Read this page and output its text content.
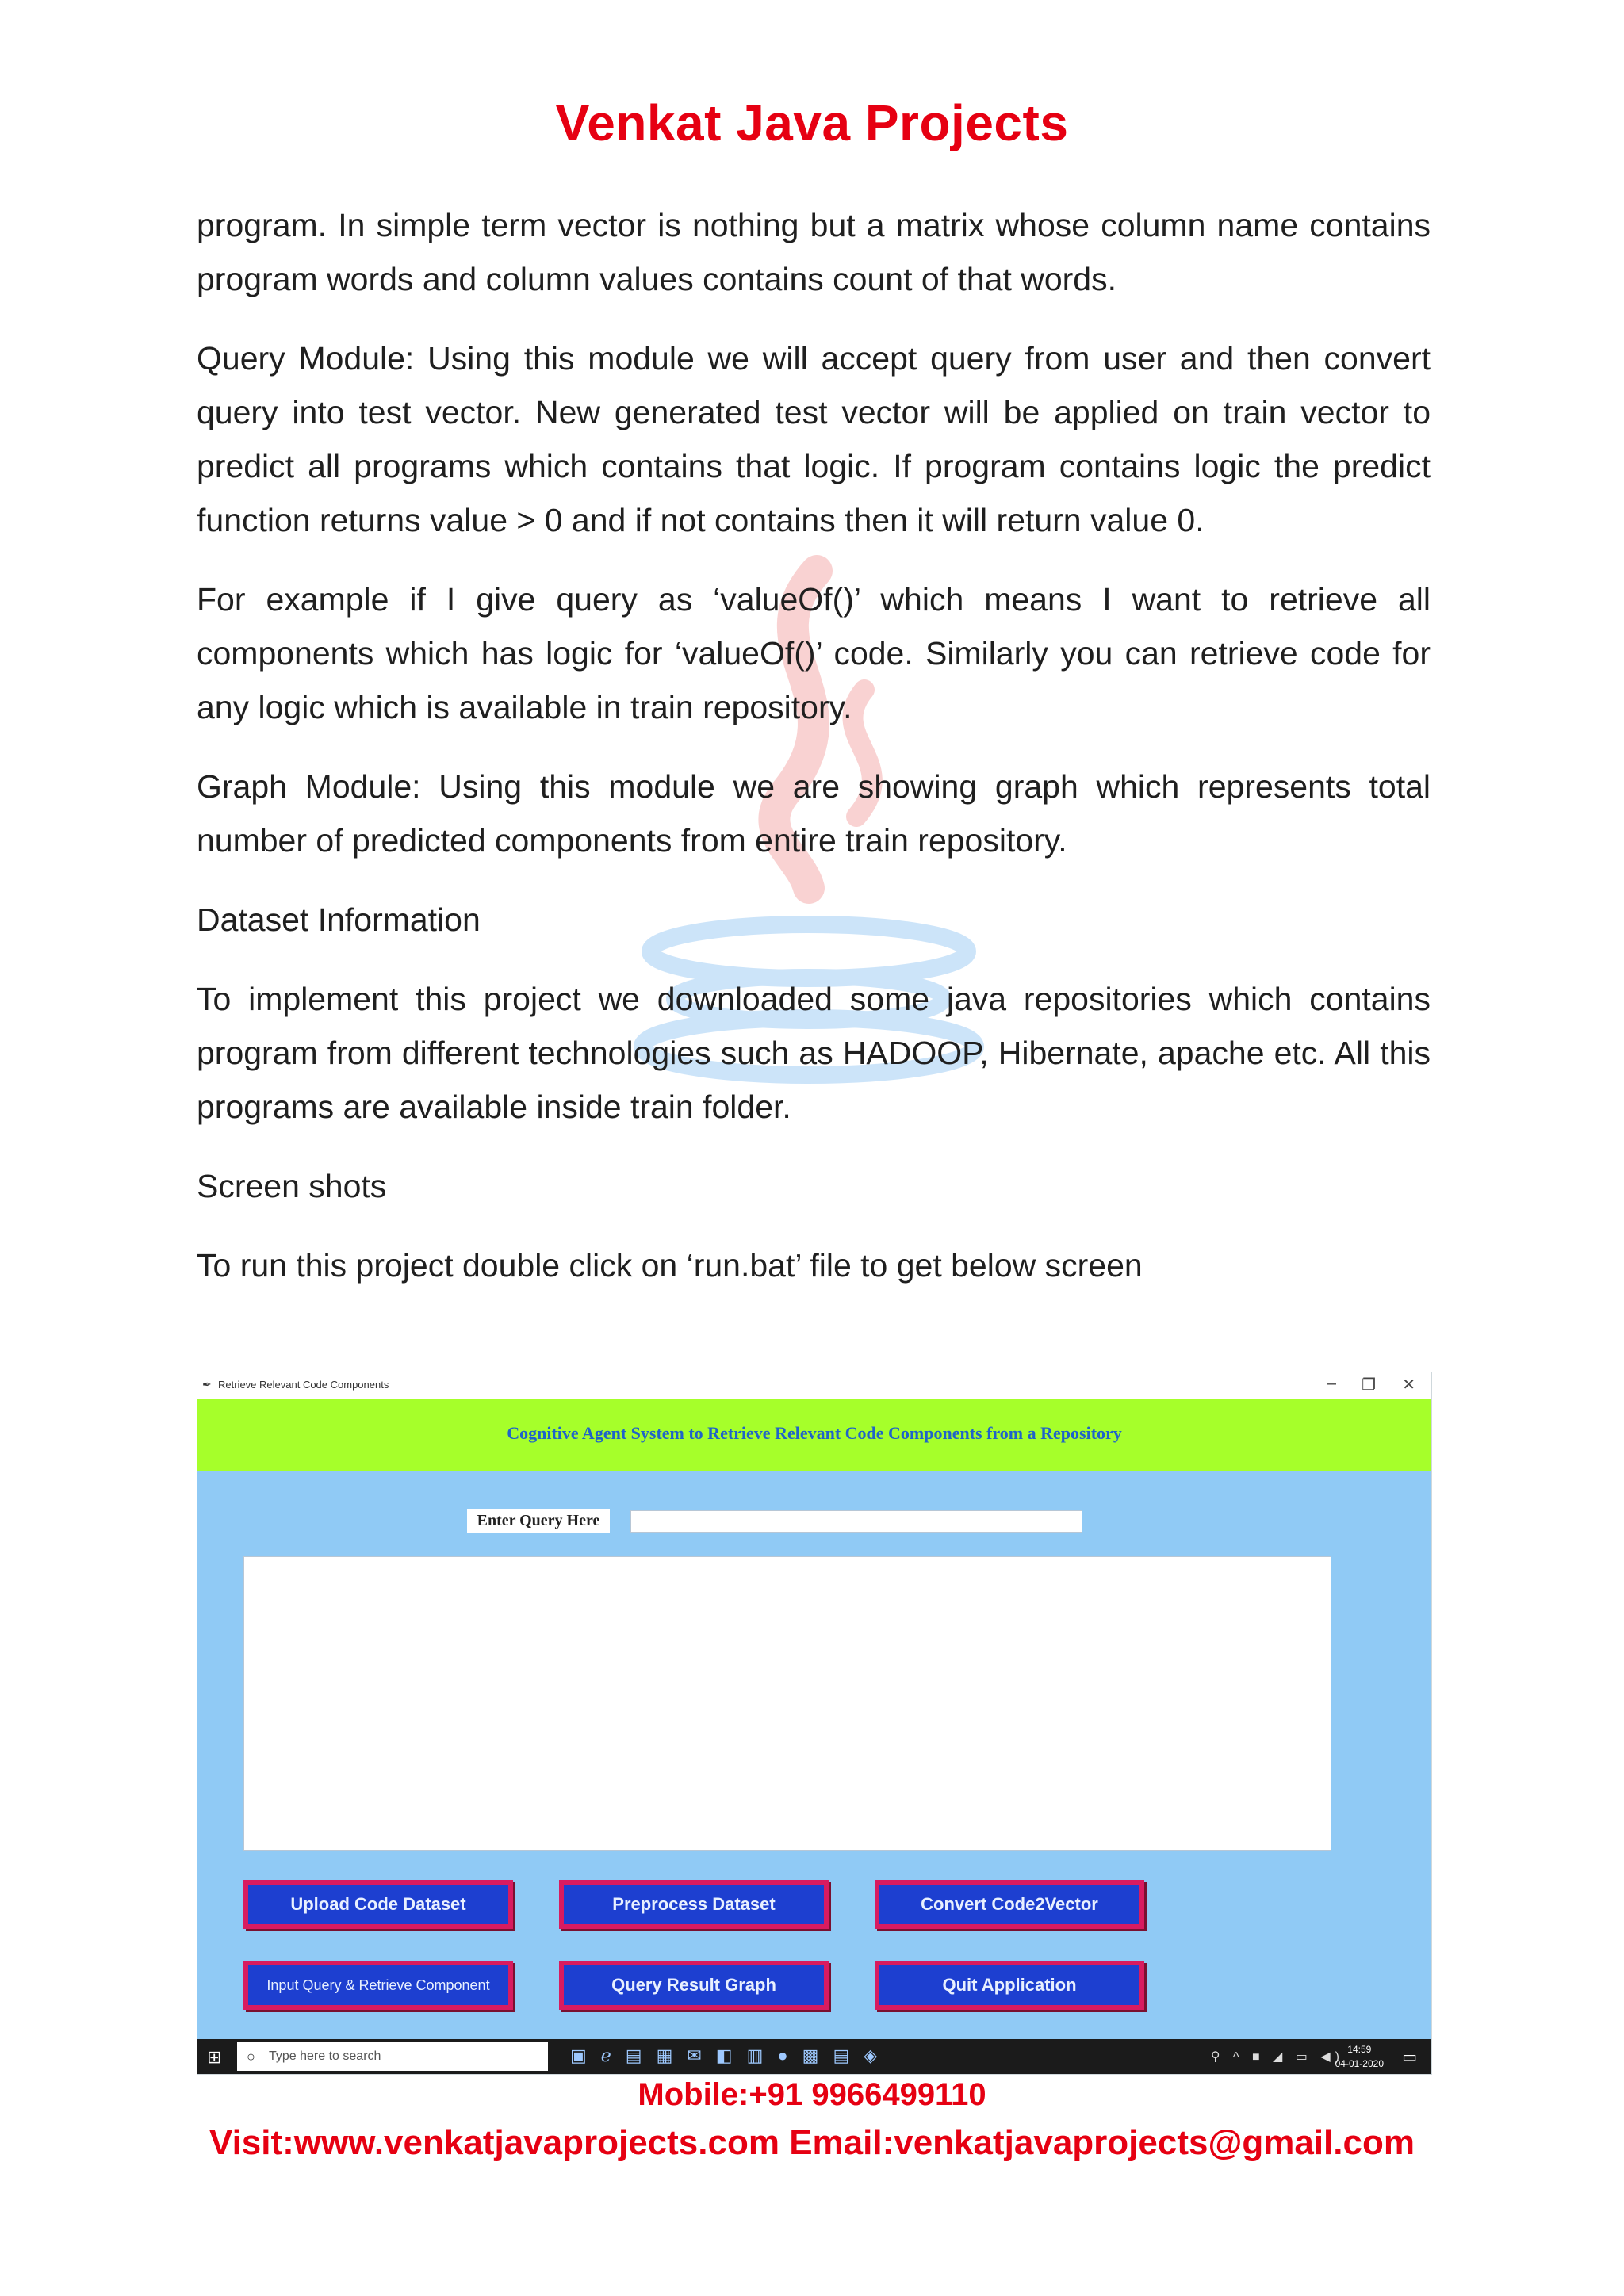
Venkat Java Projects

program. In simple term vector is nothing but a matrix whose column name contains program words and column values contains count of that words.

Query Module: Using this module we will accept query from user and then convert query into test vector. New generated test vector will be applied on train vector to predict all programs which contains that logic. If program contains logic the predict function returns value > 0 and if not contains then it will return value 0.

For example if I give query as ‘valueOf()’ which means I want to retrieve all components which has logic for ‘valueOf()’ code. Similarly you can retrieve code for any logic which is available in train repository.

Graph Module: Using this module we are showing graph which represents total number of predicted components from entire train repository.

Dataset Information

To implement this project we downloaded some java repositories which contains program from different technologies such as HADOOP, Hibernate, apache etc. All this programs are available inside train folder.

Screen shots

To run this project double click on ‘run.bat’ file to get below screen

✒ Retrieve Relevant Code Components	– ❐ ✕
Cognitive Agent System to Retrieve Relevant Code Components from a Repository
Enter Query Here
Upload Code Dataset	Preprocess Dataset	Convert Code2Vector
Input Query & Retrieve Component	Query Result Graph	Quit Application
⊞ ○ Type here to search	▣ℯ▤▦✉◧▥●▩▤◈	⚲ ^ ■ ◢ ▭ ◀)
14:59
04-01-2020 ▭
Mobile:+91 9966499110
Visit:www.venkatjavaprojects.com Email:venkatjavaprojects@gmail.com
